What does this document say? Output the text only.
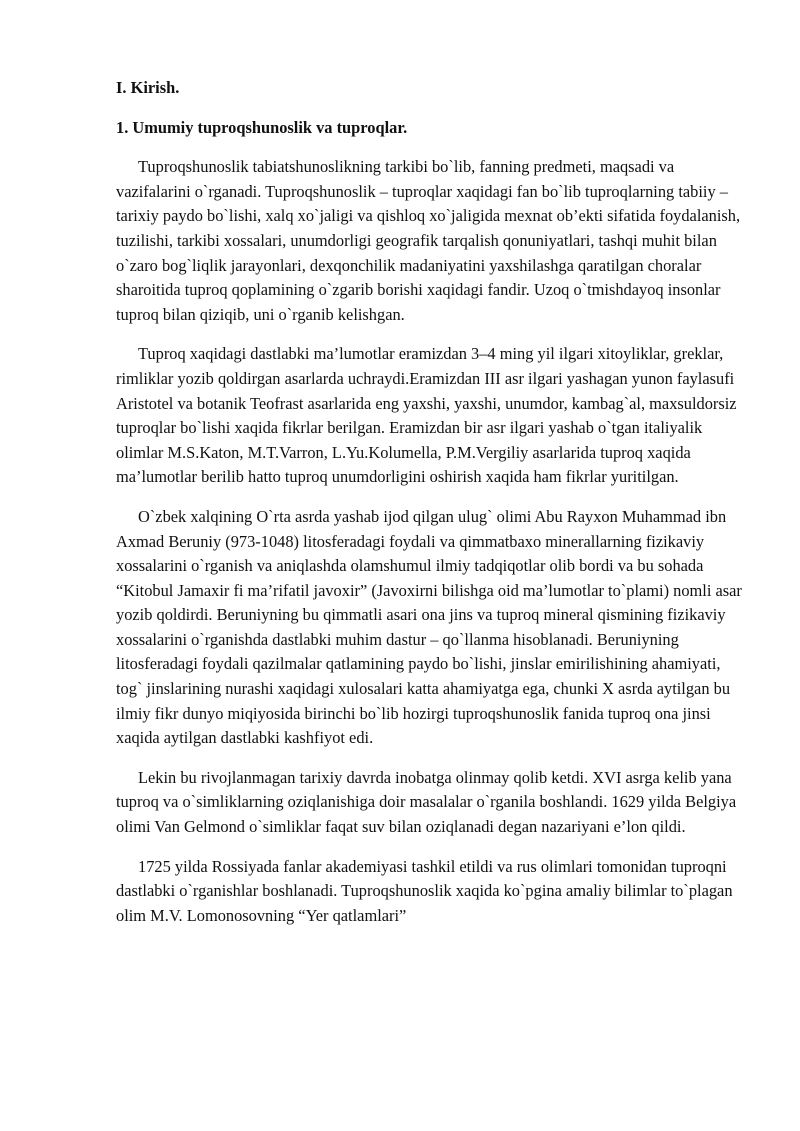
I. Kirish.

1. Umumiy tuproqshunoslik va tuproqlar.

Tuproqshunoslik tabiatshunoslikning tarkibi bo`lib, fanning predmeti, maqsadi va vazifalarini o`rganadi. Tuproqshunoslik – tuproqlar xaqidagi fan bo`lib tuproqlarning tabiiy – tarixiy paydo bo`lishi, xalq xo`jaligi va qishloq xo`jaligida mexnat ob’ekti sifatida foydalanish, tuzilishi, tarkibi xossalari, unumdorligi geografik tarqalish qonuniyatlari, tashqi muhit bilan o`zaro bog`liqlik jarayonlari, dexqonchilik madaniyatini yaxshilashga qaratilgan choralar sharoitida tuproq qoplamining o`zgarib borishi xaqidagi fandir. Uzoq o`tmishdayoq insonlar tuproq bilan qiziqib, uni o`rganib kelishgan.

Tuproq xaqidagi dastlabki ma’lumotlar eramizdan 3–4 ming yil ilgari xitoyliklar, greklar, rimliklar yozib qoldirgan asarlarda uchraydi.Eramizdan III asr ilgari yashagan yunon faylasufi Aristotel va botanik Teofrast asarlarida eng yaxshi, yaxshi, unumdor, kambag`al, maxsuldorsiz tuproqlar bo`lishi xaqida fikrlar berilgan. Eramizdan bir asr ilgari yashab o`tgan italiyalik olimlar M.S.Katon, M.T.Varron, L.Yu.Kolumella, P.M.Vergiliy asarlarida tuproq xaqida ma’lumotlar berilib hatto tuproq unumdorligini oshirish xaqida ham fikrlar yuritilgan.

O`zbek xalqining O`rta asrda yashab ijod qilgan ulug` olimi Abu Rayxon Muhammad ibn Axmad Beruniy (973-1048) litosferadagi foydali va qimmatbaxo minerallarning fizikaviy xossalarini o`rganish va aniqlashda olamshumul ilmiy tadqiqotlar olib bordi va bu sohada “Kitobul Jamaxir fi ma’rifatil javoxir” (Javoxirni bilishga oid ma’lumotlar to`plami) nomli asar yozib qoldirdi. Beruniyning bu qimmatli asari ona jins va tuproq mineral qismining fizikaviy xossalarini o`rganishda dastlabki muhim dastur – qo`llanma hisoblanadi. Beruniyning litosferadagi foydali qazilmalar qatlamining paydo bo`lishi, jinslar emirilishining ahamiyati, tog` jinslarining nurashi xaqidagi xulosalari katta ahamiyatga ega, chunki X asrda aytilgan bu ilmiy fikr dunyo miqiyosida birinchi bo`lib hozirgi tuproqshunoslik fanida tuproq ona jinsi xaqida aytilgan dastlabki kashfiyot edi.

Lekin bu rivojlanmagan tarixiy davrda inobatga olinmay qolib ketdi. XVI asrga kelib yana tuproq va o`simliklarning oziqlanishiga doir masalalar o`rganila boshlandi. 1629 yilda Belgiya olimi Van Gelmond o`simliklar faqat suv bilan oziqlanadi degan nazariyani e’lon qildi.

1725 yilda Rossiyada fanlar akademiyasi tashkil etildi va rus olimlari tomonidan tuproqni dastlabki o`rganishlar boshlanadi. Tuproqshunoslik xaqida ko`pgina amaliy bilimlar to`plagan olim M.V. Lomonosovning “Yer qatlamlari”
